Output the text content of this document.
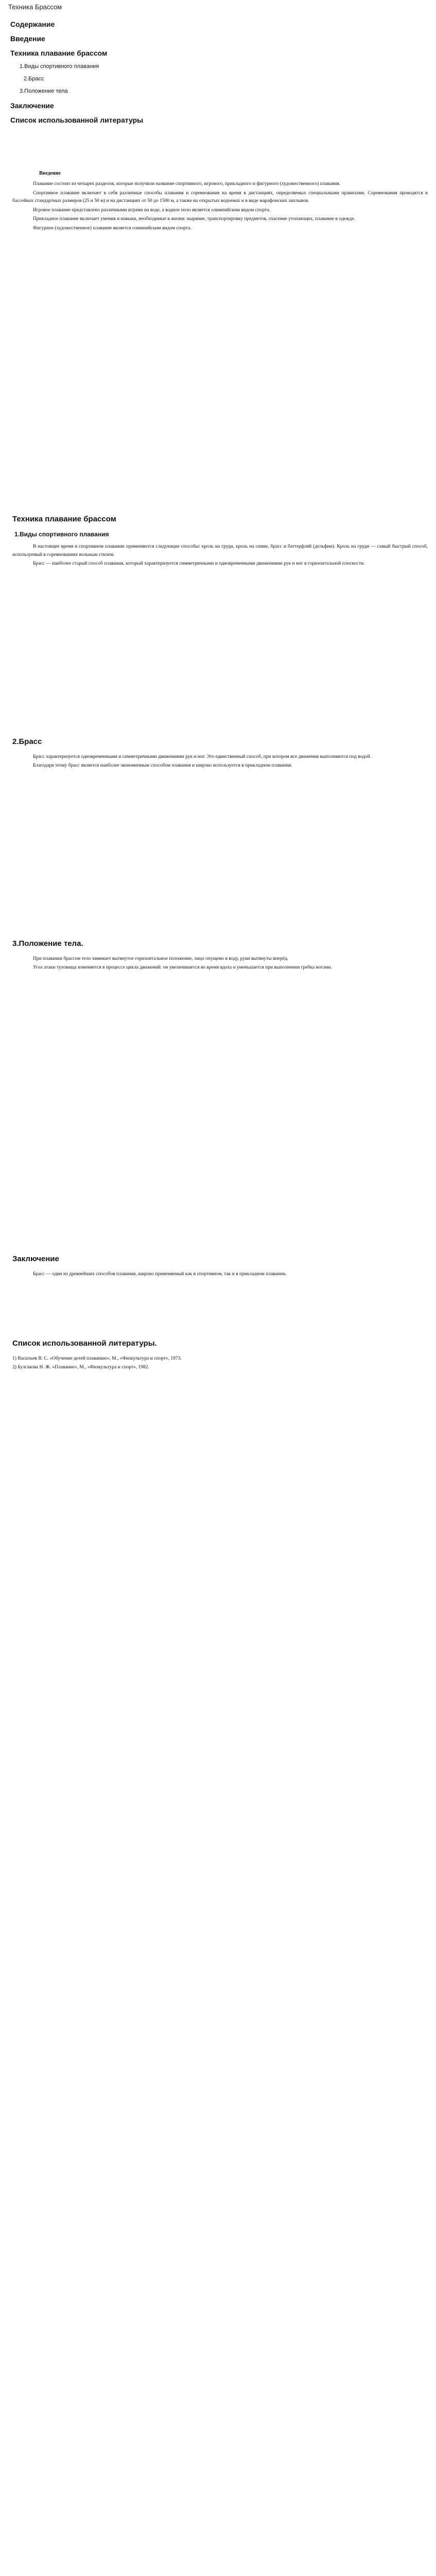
Техника Брассом
Содержание
Введение
Техника плавание брассом
1.Виды спортивного плавания
2.Брасс
3.Положение тела
Заключение
Список использованной литературы
Введение

Плавание состоит из четырех разделов, которые получили название спортивного, игрового, прикладного и фигурного (художественного) плавания.

Спортивное плавание включает в себя различные способы плавания и соревнования на время в дистанциях, определяемых специальными правилами. Соревнования проводятся в бассейнах стандартных размеров (25 и 50 м) и на дистанциях от 50 до 1500 м, а также на открытых водоемах и в виде марафонских заплывов.

Игровое плавание представлено различными играми на воде, а водное поло является олимпийским видом спорта.

Прикладное плавание включает умения и навыки, необходимые в жизни: ныряние, транспортировку предметов, спасение утопающих, плавание в одежде.

Фигурное (художественное) плавание является олимпийским видом спорта.

Техника плавание брассом
1.Виды спортивного плавания

В настоящее время в спортивном плавании применяются следующие способы: кроль на груди, кроль на спине, брасс и баттерфляй (дельфин). Кроль на груди — самый быстрый способ, используемый в соревнованиях вольным стилем.

Брасс — наиболее старый способ плавания, который характеризуется симметричными и одновременными движениями рук и ног в горизонтальной плоскости.

2.Брасс

Брасс характеризуется одновременными и симметричными движениями рук и ног. Это единственный способ, при котором все движения выполняются под водой.

Благодаря этому брасс является наиболее экономичным способом плавания и широко используется в прикладном плавании.

3.Положение тела.

При плавании брассом тело занимает вытянутое горизонтальное положение, лицо опущено в воду, руки вытянуты вперёд.

Угол атаки туловища изменяется в процессе цикла движений: он увеличивается во время вдоха и уменьшается при выполнении гребка ногами.

Заключение

Брасс — один из древнейших способов плавания, широко применяемый как в спортивном, так и в прикладном плавании.

Список использованной литературы.
1) Васильев В. С. «Обучение детей плаванию», М., «Физкультура и спорт», 1973.
2) Булгакова Н. Ж. «Плавание», М., «Физкультура и спорт», 1982.
